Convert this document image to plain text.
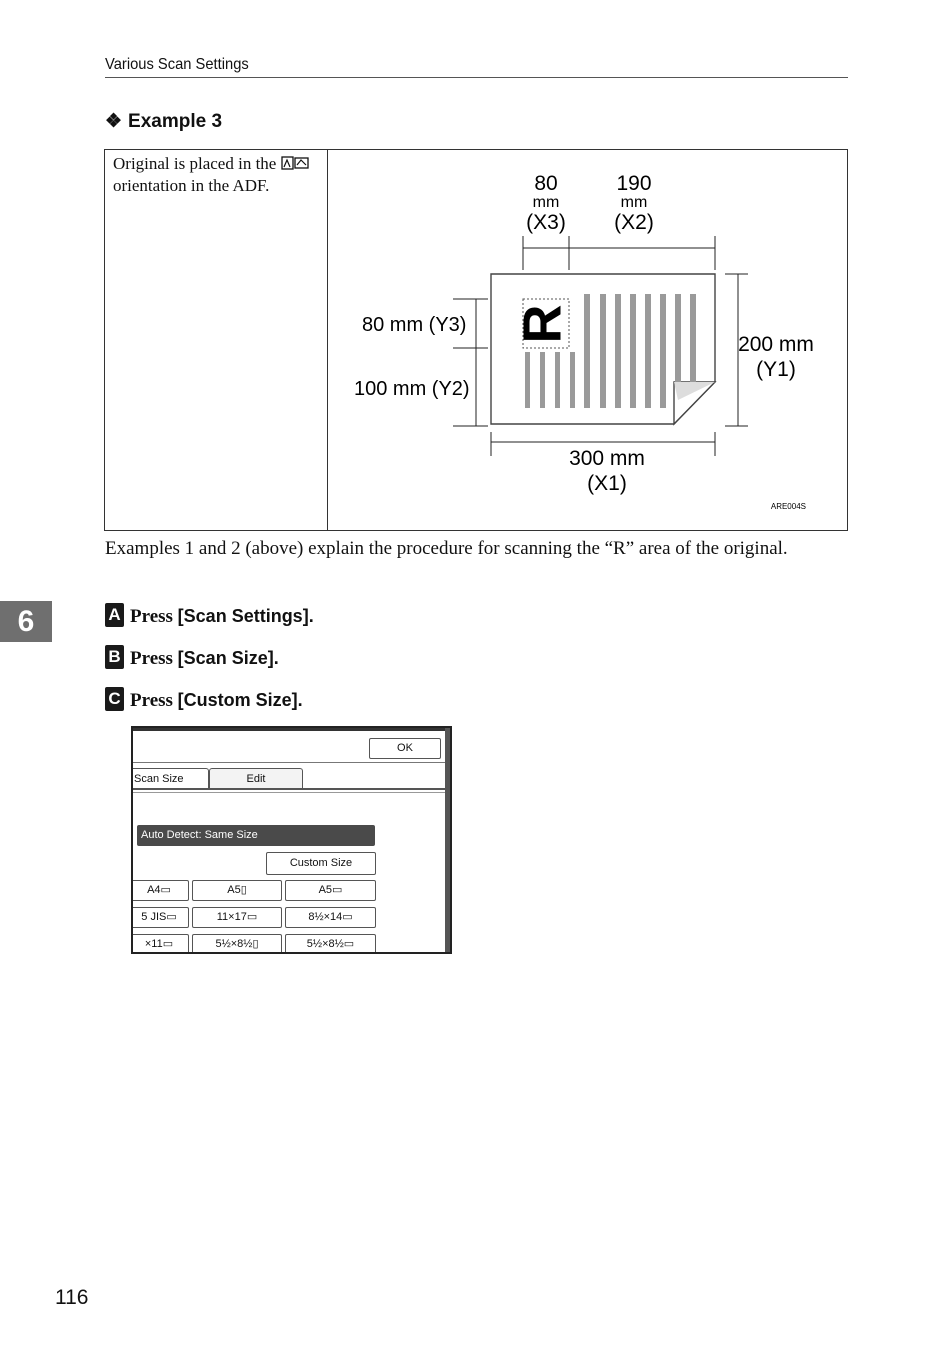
Various Scan Settings
❖ Example 3
Original is placed in the  orientation in the ADF.	80
mm
(X3)
190
mm
(X2)
80 mm (Y3)
100 mm (Y2)
R
200 mm
(Y1)
300 mm
(X1)
ARE004S
Examples 1 and 2 (above) explain the procedure for scanning the “R” area of the original.
6	A Press [Scan Settings].
B Press [Scan Size].
C Press [Custom Size].
OK
Scan Size	Edit
Auto Detect: Same Size
Custom Size
A4▭	A5▯	A5▭
5 JIS▭	11×17▭	8½×14▭
×11▭	5½×8½▯	5½×8½▭
116
